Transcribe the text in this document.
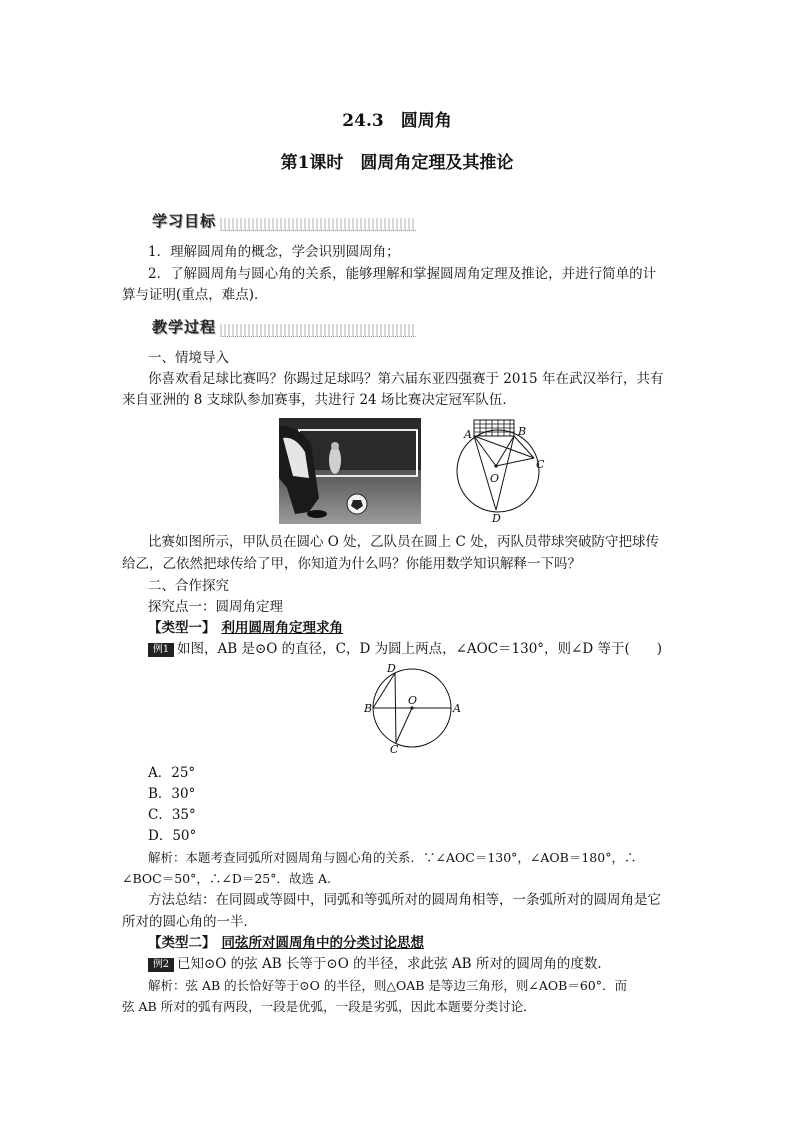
24.3　圆周角
第1课时　圆周角定理及其推论
学习目标
1．理解圆周角的概念，学会识别圆周角；
2．了解圆周角与圆心角的关系，能够理解和掌握圆周角定理及推论，并进行简单的计
算与证明(重点，难点)．
教学过程
一、情境导入
你喜欢看足球比赛吗？你踢过足球吗？第六届东亚四强赛于 2015 年在武汉举行，共有
来自亚洲的 8 支球队参加赛事，共进行 24 场比赛决定冠军队伍．
A	B
C
O
D
比赛如图所示，甲队员在圆心 O 处，乙队员在圆上 C 处，丙队员带球突破防守把球传
给乙，乙依然把球传给了甲，你知道为什么吗？你能用数学知识解释一下吗？
二、合作探究
探究点一：圆周角定理
【类型一】 利用圆周角定理求角
例1 如图，AB 是⊙O 的直径，C，D 为圆上两点，∠AOC＝130°，则∠D 等于(　　)
D
B
O
A
C
A．25°
B．30°
C．35°
D．50°
解析：本题考查同弧所对圆周角与圆心角的关系．∵∠AOC＝130°，∠AOB＝180°，∴
∠BOC＝50°，∴∠D＝25°．故选 A.
方法总结：在同圆或等圆中，同弧和等弧所对的圆周角相等，一条弧所对的圆周角是它
所对的圆心角的一半．
【类型二】 同弦所对圆周角中的分类讨论思想
例2 已知⊙O 的弦 AB 长等于⊙O 的半径，求此弦 AB 所对的圆周角的度数．
解析：弦 AB 的长恰好等于⊙O 的半径，则△OAB 是等边三角形，则∠AOB＝60°．而
弦 AB 所对的弧有两段，一段是优弧，一段是劣弧，因此本题要分类讨论．
